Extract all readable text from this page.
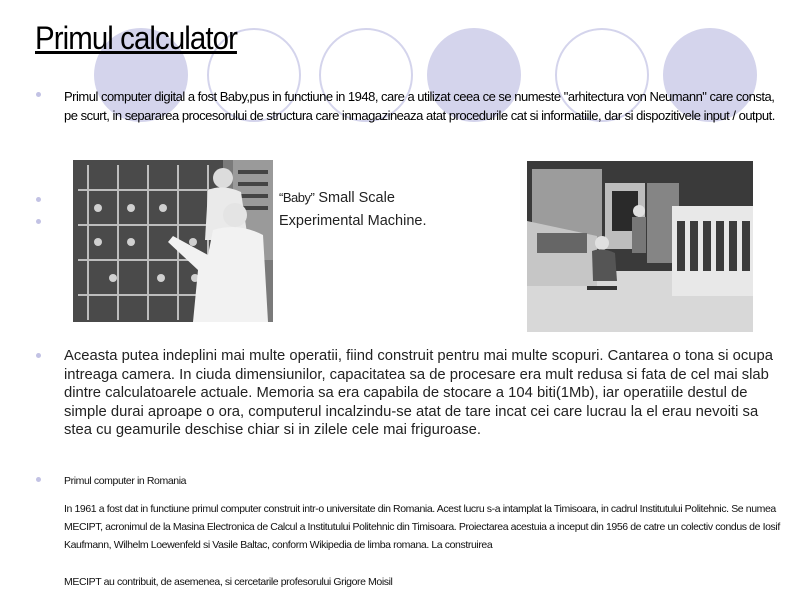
Primul calculator
Primul computer digital a fost Baby,pus in functiune in 1948, care a utilizat ceea ce se numeste "arhitectura von Neumann" care consta, pe scurt, in separarea procesorului de structura care inmagazineaza atat procedurile cat si informatiile, dar si dispozitivele input / output.
“Baby” Small Scale
Experimental Machine.
Aceasta putea indeplini mai multe operatii, fiind construit pentru mai multe scopuri. Cantarea o tona si ocupa intreaga camera. In ciuda dimensiunilor, capacitatea sa de procesare era mult redusa si fata de cel mai slab dintre calculatoarele actuale. Memoria sa era capabila de stocare a 104 biti(1Mb), iar operatiile destul de simple durai aproape o ora, computerul incalzindu-se atat de tare incat cei care lucrau la el erau nevoiti sa stea cu geamurile deschise chiar si in zilele cele mai friguroase.
Primul computer in Romania
In 1961 a fost dat in functiune primul computer construit intr-o universitate din Romania. Acest lucru s-a intamplat la Timisoara, in cadrul Institutului Politehnic. Se numea MECIPT, acronimul de la Masina Electronica de Calcul a Institutului Politehnic din Timisoara. Proiectarea acestuia a inceput din 1956 de catre un colectiv condus de Iosif Kaufmann, Wilhelm Loewenfeld si Vasile Baltac, conform Wikipedia de limba romana. La construirea
MECIPT au contribuit, de asemenea, si cercetarile profesorului Grigore Moisil
